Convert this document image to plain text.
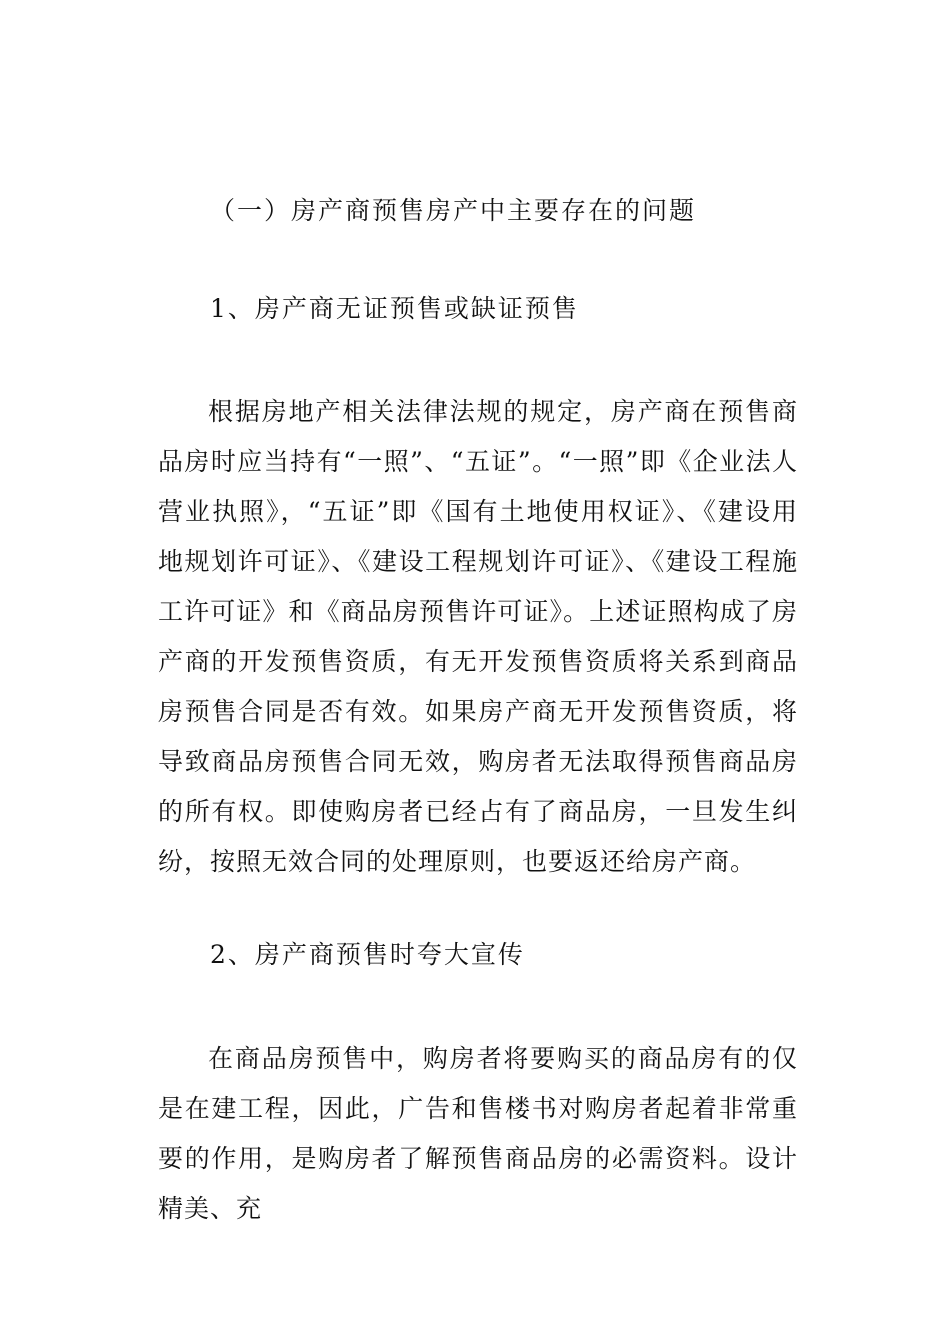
（一）房产商预售房产中主要存在的问题
1、房产商无证预售或缺证预售

根据房地产相关法律法规的规定，房产商在预售商品房时应当持有“一照”、“五证”。“一照”即《企业法人营业执照》，“五证”即《国有土地使用权证》、《建设用地规划许可证》、《建设工程规划许可证》、《建设工程施工许可证》和《商品房预售许可证》。上述证照构成了房产商的开发预售资质，有无开发预售资质将关系到商品房预售合同是否有效。如果房产商无开发预售资质，将导致商品房预售合同无效，购房者无法取得预售商品房的所有权。即使购房者已经占有了商品房，一旦发生纠纷，按照无效合同的处理原则，也要返还给房产商。

2、房产商预售时夸大宣传

在商品房预售中，购房者将要购买的商品房有的仅是在建工程，因此，广告和售楼书对购房者起着非常重要的作用，是购房者了解预售商品房的必需资料。设计精美、充
